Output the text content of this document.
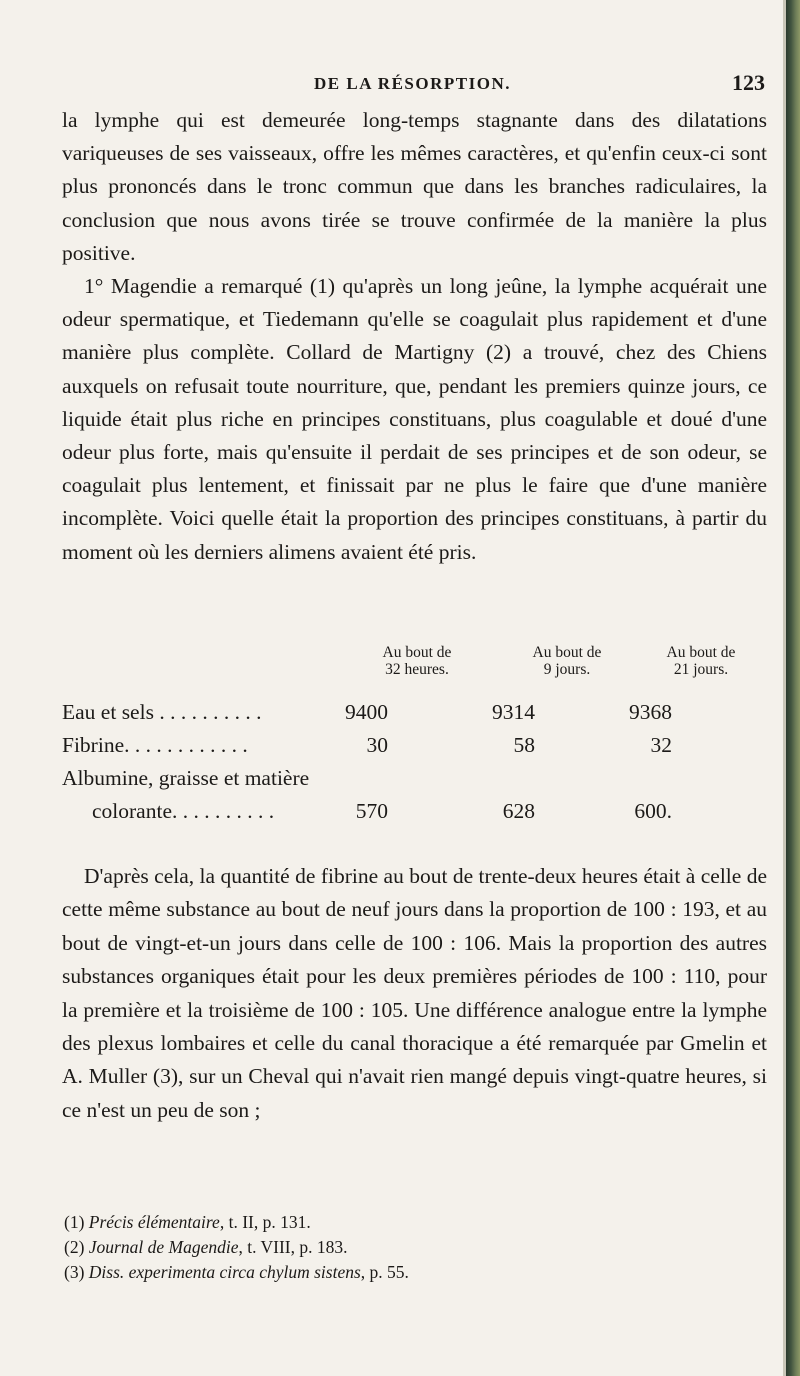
DE LA RÉSORPTION.	123

la lymphe qui est demeurée long-temps stagnante dans des dilatations variqueuses de ses vaisseaux, offre les mêmes caractères, et qu'enfin ceux-ci sont plus prononcés dans le tronc commun que dans les branches radiculaires, la conclusion que nous avons tirée se trouve confirmée de la manière la plus positive.

1° Magendie a remarqué (1) qu'après un long jeûne, la lymphe acquérait une odeur spermatique, et Tiedemann qu'elle se coagulait plus rapidement et d'une manière plus complète. Collard de Martigny (2) a trouvé, chez des Chiens auxquels on refusait toute nourriture, que, pendant les premiers quinze jours, ce liquide était plus riche en principes constituans, plus coagulable et doué d'une odeur plus forte, mais qu'ensuite il perdait de ses principes et de son odeur, se coagulait plus lentement, et finissait par ne plus le faire que d'une manière incomplète. Voici quelle était la proportion des principes constituans, à partir du moment où les derniers alimens avaient été pris.

Au bout de
32 heures.
Au bout de
9 jours.
Au bout de
21 jours.
Eau et sels . . . . . . . . . .	9400	9314	9368
Fibrine. . . . . . . . . . . .	30	58	32
Albumine, graisse et matière
colorante. . . . . . . . . .	570	628	600.

D'après cela, la quantité de fibrine au bout de trente-deux heures était à celle de cette même substance au bout de neuf jours dans la proportion de 100 : 193, et au bout de vingt-et-un jours dans celle de 100 : 106. Mais la proportion des autres substances organiques était pour les deux premières périodes de 100 : 110, pour la première et la troisième de 100 : 105. Une différence analogue entre la lymphe des plexus lombaires et celle du canal thoracique a été remarquée par Gmelin et A. Muller (3), sur un Cheval qui n'avait rien mangé depuis vingt-quatre heures, si ce n'est un peu de son ;

(1) Précis élémentaire, t. II, p. 131.
(2) Journal de Magendie, t. VIII, p. 183.
(3) Diss. experimenta circa chylum sistens, p. 55.
